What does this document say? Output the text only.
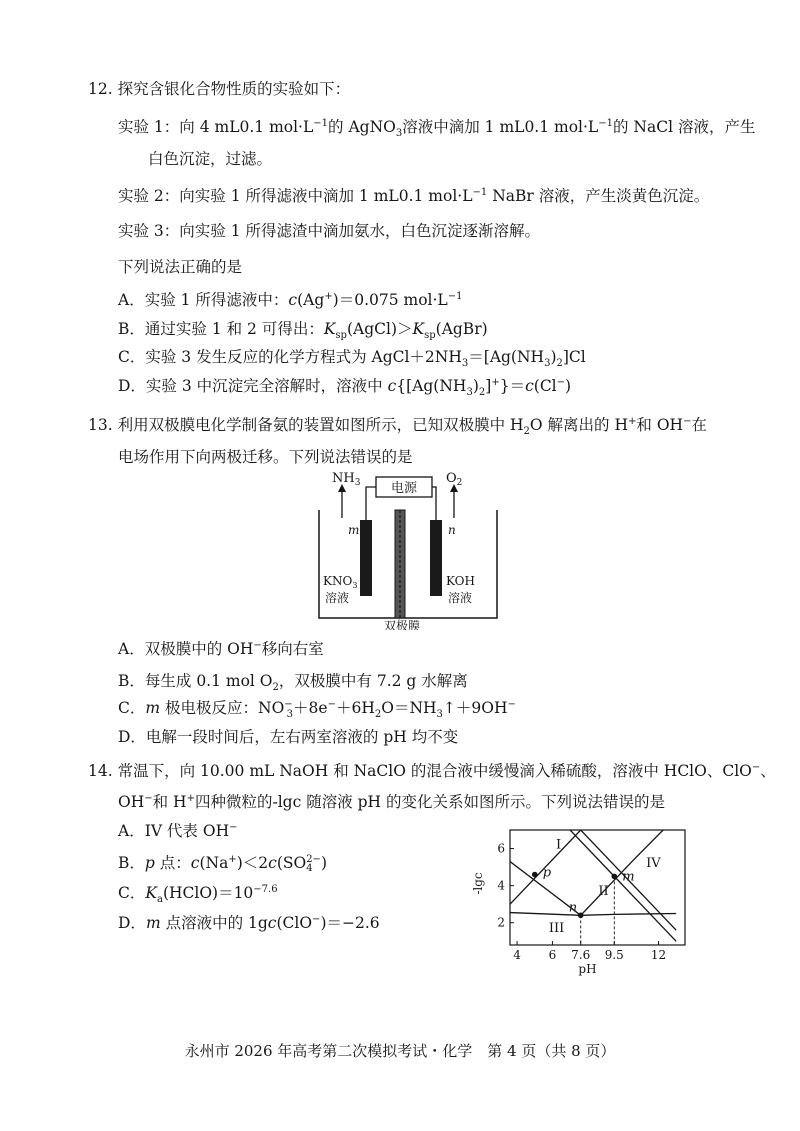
12. 探究含银化合物性质的实验如下：
实验 1：向 4 mL0.1 $mol\cdot L^{-1}$的 AgNO$_3$溶液中滴加 1 mL0.1 $mol\cdot L^{-1}$的 NaCl 溶液，产生
白色沉淀，过滤。
实验 2：向实验 1 所得滤液中滴加 1 mL0.1 $mol\cdot L^{-1}$ NaBr 溶液，产生淡黄色沉淀。
实验 3：向实验 1 所得滤渣中滴加氨水，白色沉淀逐渐溶解。
下列说法正确的是
A．实验 1 所得滤液中：c(Ag+)＝0.075 $mol\cdot L^{-1}$
B．通过实验 1 和 2 可得出：$K_{sp}(AgCl)>K_{sp}(AgBr)$
C．实验 3 发生反应的化学方程式为 $AgCl+2NH_3=[Ag(NH_3)_2]Cl$
D．实验 3 中沉淀完全溶解时，溶液中 $c\{[Ag(NH_3)_2]^+\}=c(Cl^-)$
13. 利用双极膜电化学制备氨的装置如图所示，已知双极膜中 $H_2O$ 解离出的 H+和 OH−在
电场作用下向两极迁移。下列说法错误的是
$NH_3$	$O_2$
电源
m	n
$KNO_3$
溶液
KOH
溶液
双极膜
A．双极膜中的 OH−移向右室
B．每生成 0.1 mol $O_2$，双极膜中有 7.2 g 水解离
C．m 极电极反应：$NO^-_3+8e^-+6H_2O=NH_3↑+9OH^-$
D．电解一段时间后，左右两室溶液的 pH 均不变
14. 常温下，向 10.00 mL NaOH 和 NaClO 的混合液中缓慢滴入稀硫酸，溶液中 HClO、ClO−、
OH−和 H+四种微粒的-lgc 随溶液 pH 的变化关系如图所示。下列说法错误的是
A．IV 代表 OH−
B．p 点：c(Na+)＜2c(SO 2−
4 )
C．$K_a(HClO)=10^{-7.6}$
D．m 点溶液中的 1gc(ClO−)＝−2.6
4 6 7.6 9.5 12
2
4
6
pH
-lgc
I
II
III
IV
p
n
m
永州市 2026 年高考第二次模拟考试・化学　第 4 页（共 8 页）
